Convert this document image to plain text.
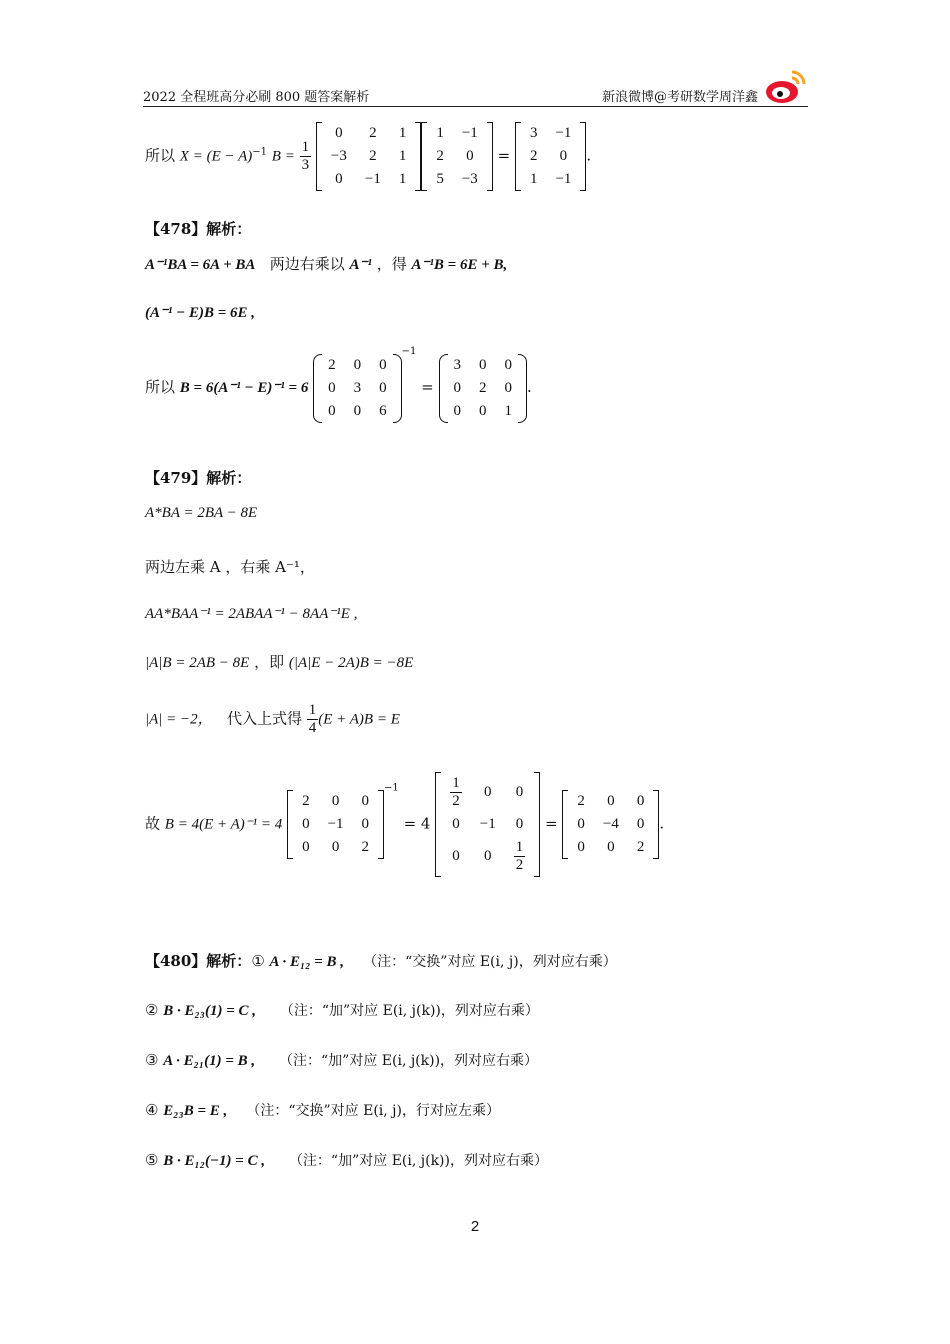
2022 全程班高分必刷 800 题答案解析	新浪微博@考研数学周洋鑫
所以 $X = (E - A)^{-1}$ $B = \frac{1}{3}$

0	2	1
−3	2	1
0	−1	1
1	−1
2	0
5	−3
=
3	−1
2	0
1	−1
.
【478】解析：
A⁻¹BA = 6A + BA 两边右乘以 A⁻¹ ，得 A⁻¹B = 6E + B,
(A⁻¹ − E)B = 6E ,
所以 B = 6(A⁻¹ − E)⁻¹ = 6
2	0	0
0	3	0
0	0	6
$^{-1}$ =
3	0	0
0	2	0
0	0	1
.
【479】解析：
A*BA = 2BA − 8E
两边左乘 A ，右乘 A⁻¹，
AA*BAA⁻¹ = 2ABAA⁻¹ − 8AA⁻¹E ,
|A|B = 2AB − 8E ，即 (|A|E − 2A)B = −8E
|A| = −2， 代入上式得 $\frac{1}{4} (E + A)B = E$
故 B = 4(E + A)⁻¹ = 4
2	0	0
0	−1	0
0	0	2
$^{-1}$ = 4
$\frac{1}{2}$	0	0
0	−1	0
0	0	$\frac{1}{2}$
=
2	0	0
0	−4	0
0	0	2
.
【480】解析：① A · E₁₂ = B , （注：“交换”对应 E(i, j)，列对应右乘）
② B · E₂₃(1) = C , （注：“加”对应 E(i, j(k))，列对应右乘）
③ A · E₂₁(1) = B , （注：“加”对应 E(i, j(k))，列对应右乘）
④ E₂₃B = E , （注：“交换”对应 E(i, j)，行对应左乘）
⑤ B · E₁₂(−1) = C , （注：“加”对应 E(i, j(k))，列对应右乘）
2
